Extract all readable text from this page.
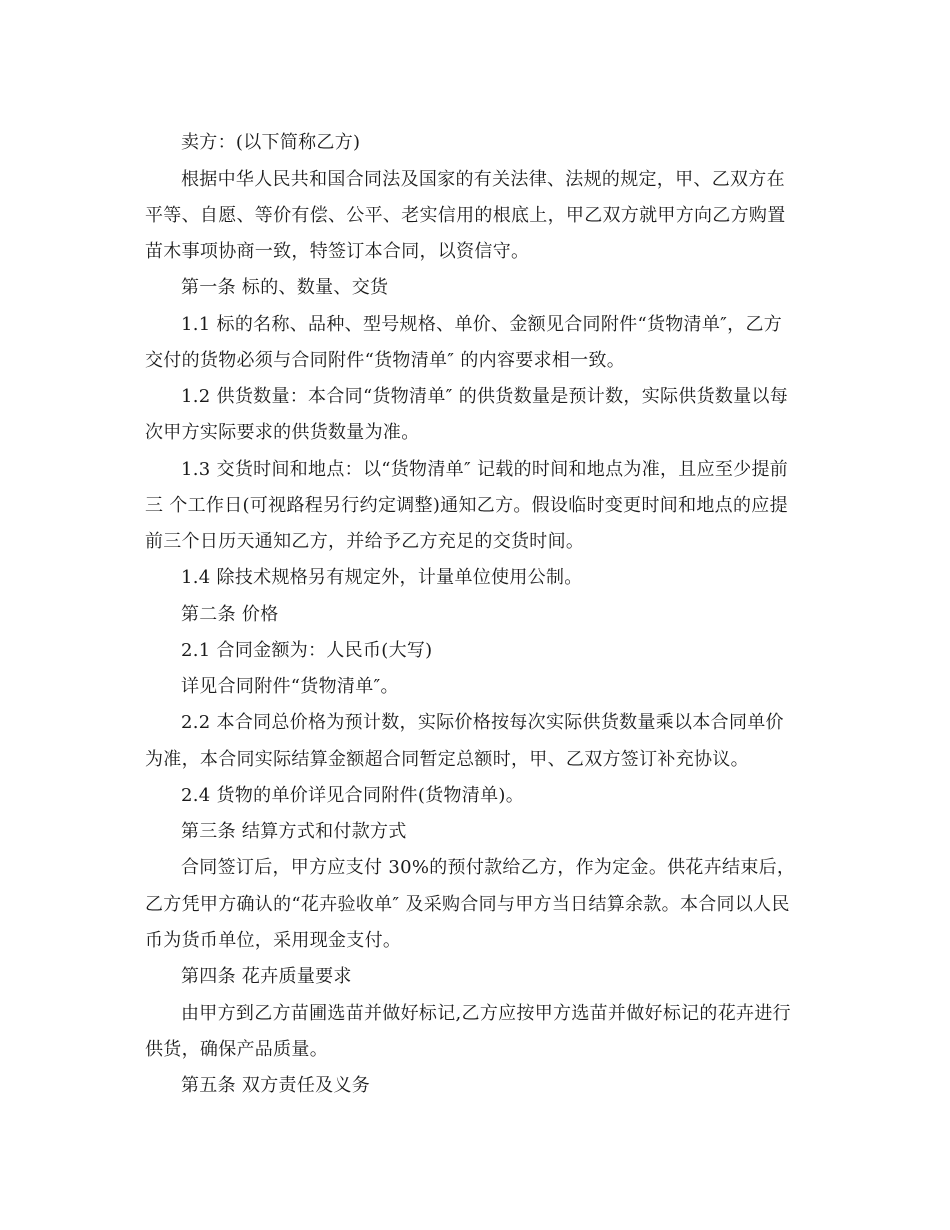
卖方：(以下简称乙方)
根据中华人民共和国合同法及国家的有关法律、法规的规定，甲、乙双方在
平等、自愿、等价有偿、公平、老实信用的根底上，甲乙双方就甲方向乙方购置
苗木事项协商一致，特签订本合同，以资信守。
第一条 标的、数量、交货
1.1 标的名称、品种、型号规格、单价、金额见合同附件“货物清单″，乙方
交付的货物必须与合同附件“货物清单″ 的内容要求相一致。
1.2 供货数量：本合同“货物清单″ 的供货数量是预计数，实际供货数量以每
次甲方实际要求的供货数量为准。
1.3 交货时间和地点：以“货物清单″ 记载的时间和地点为准，且应至少提前
三 个工作日(可视路程另行约定调整)通知乙方。假设临时变更时间和地点的应提
前三个日历天通知乙方，并给予乙方充足的交货时间。
1.4 除技术规格另有规定外，计量单位使用公制。
第二条 价格
2.1 合同金额为：人民币(大写)
详见合同附件“货物清单″。
2.2 本合同总价格为预计数，实际价格按每次实际供货数量乘以本合同单价
为准，本合同实际结算金额超合同暂定总额时，甲、乙双方签订补充协议。
2.4 货物的单价详见合同附件(货物清单)。
第三条 结算方式和付款方式
合同签订后，甲方应支付 30%的预付款给乙方，作为定金。供花卉结束后，
乙方凭甲方确认的“花卉验收单″ 及采购合同与甲方当日结算余款。本合同以人民
币为货币单位，采用现金支付。
第四条 花卉质量要求
由甲方到乙方苗圃选苗并做好标记,乙方应按甲方选苗并做好标记的花卉进行
供货，确保产品质量。
第五条 双方责任及义务
